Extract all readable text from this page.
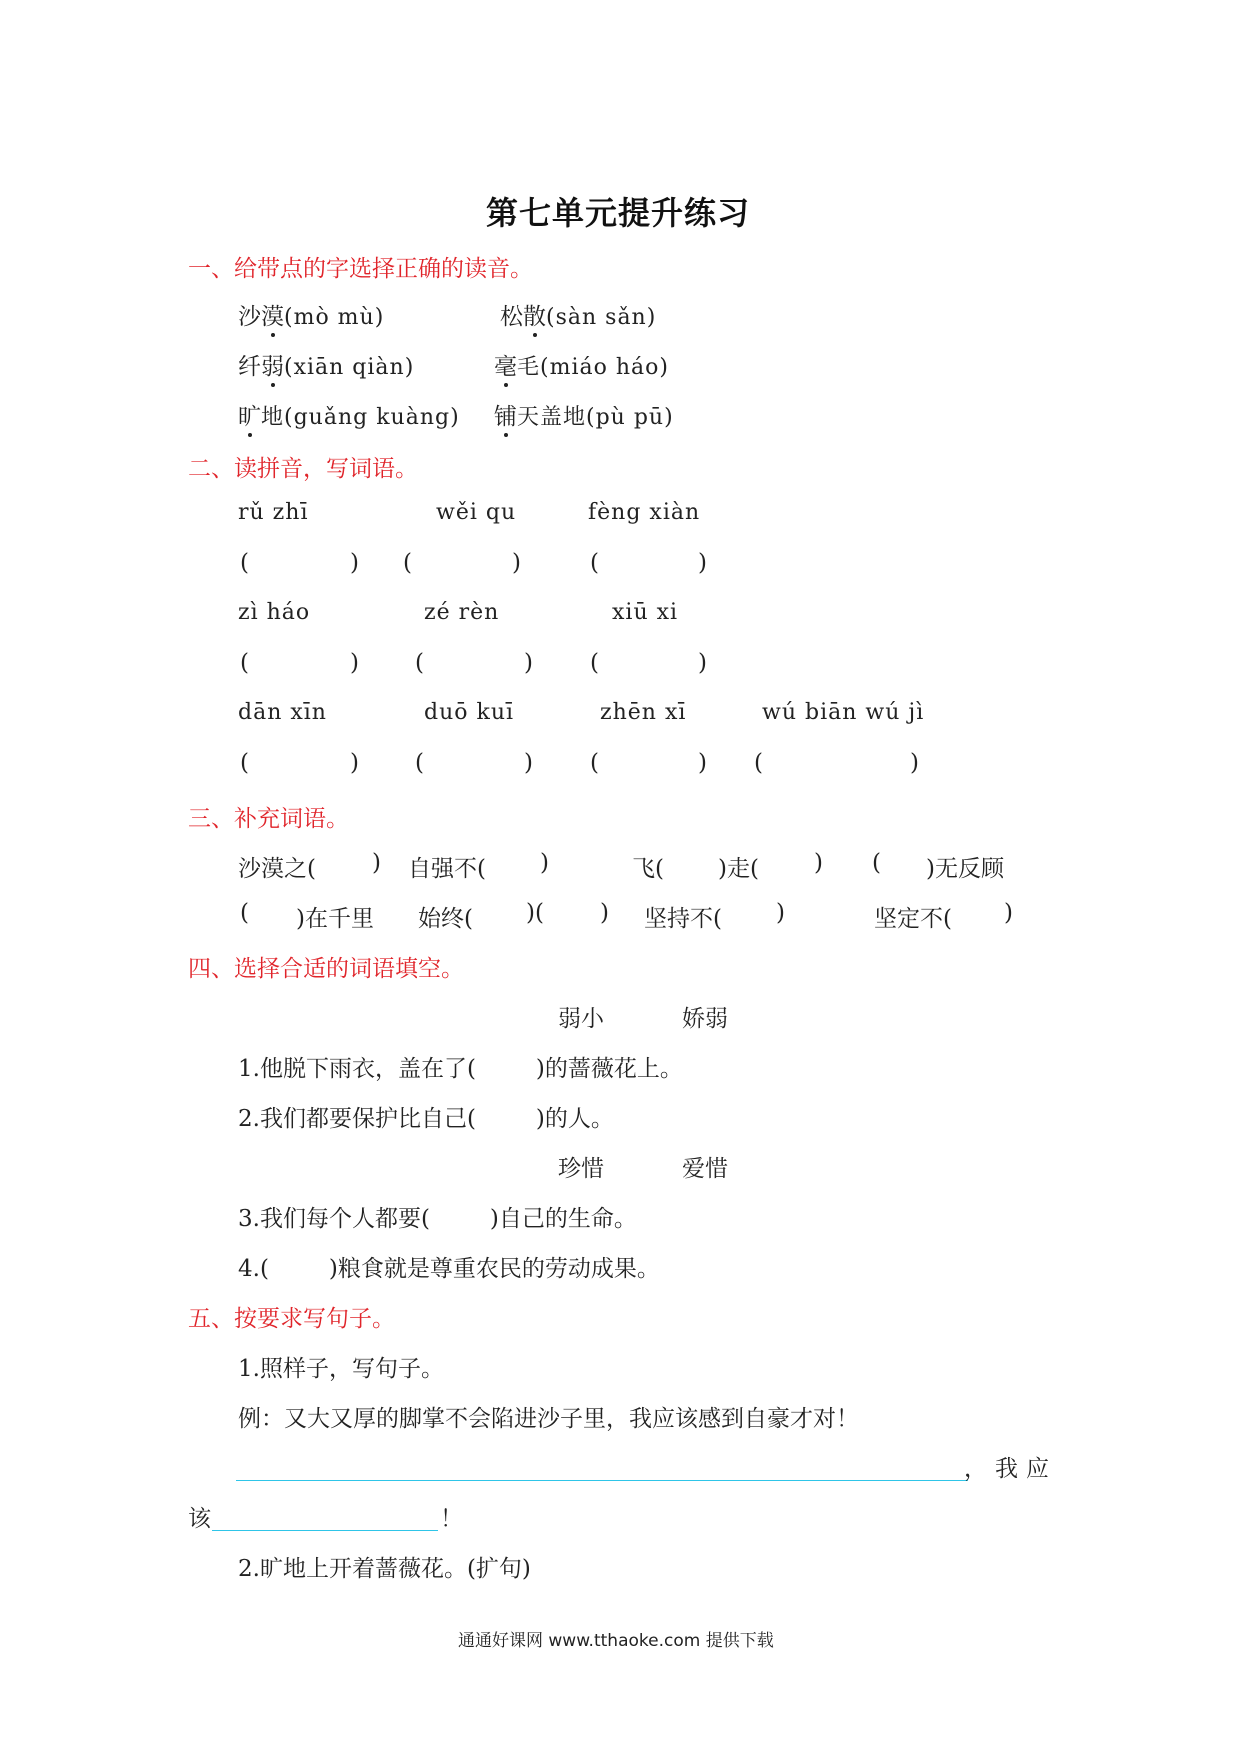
第七单元提升练习
一、给带点的字选择正确的读音。
沙漠(mò mù)	松散(sàn sǎn)
纤弱(xiān qiàn)	毫毛(miáo háo)
旷地(guǎng kuàng) 铺天盖地(pù pū)
二、读拼音，写词语。
rǔ zhī	wěi qu	fèng xiàn
(	) (	)	(	)
zì háo	zé rèn	xiū xi
(	) (	) (	)
dān xīn	duō kuī	zhēn xī	wú biān wú jì
(	) (	) (	) (	)
三、补充词语。
沙漠之( ) 自强不( )	飞( )走( ) ( )无反顾
( )在千里 始终( )( ) 坚持不( )	坚定不( )
四、选择合适的词语填空。
弱小	娇弱
1.他脱下雨衣，盖在了(	)的蔷薇花上。
2.我们都要保护比自己(	)的人。
珍惜	爱惜
3.我们每个人都要(	)自己的生命。
4.(	)粮食就是尊重农民的劳动成果。
五、按要求写句子。
1.照样子，写句子。
例：又大又厚的脚掌不会陷进沙子里，我应该感到自豪才对！
，我应
该	！
2.旷地上开着蔷薇花。(扩句)
通通好课网 www.tthaoke.com 提供下载
